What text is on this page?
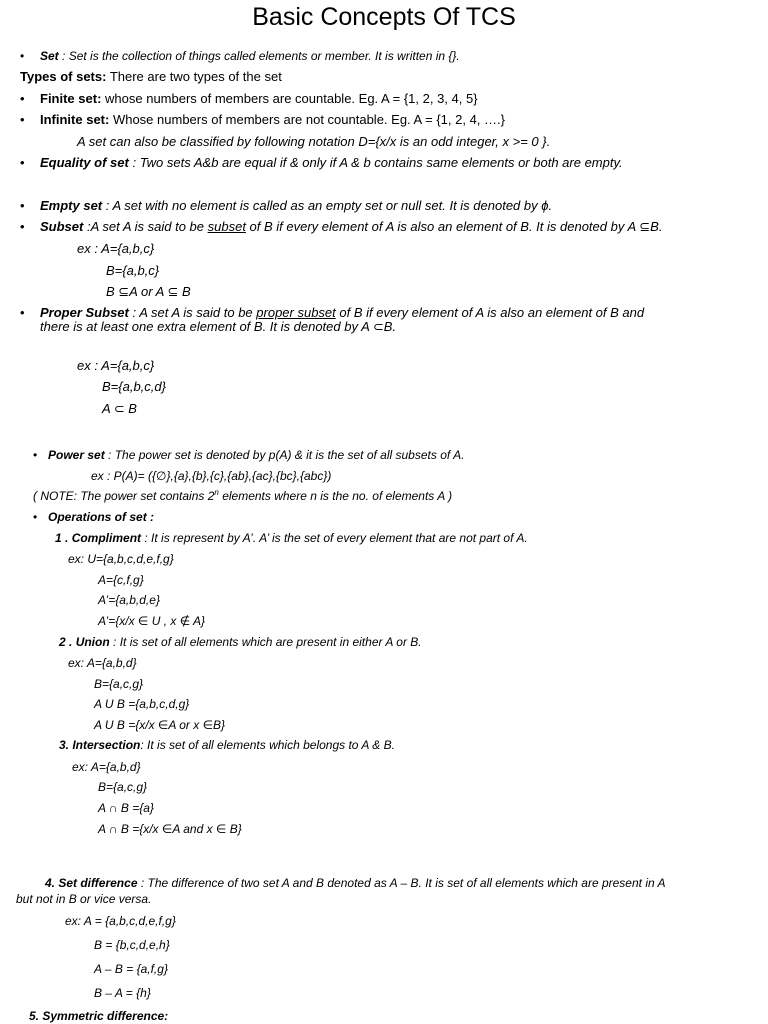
Basic Concepts Of TCS
• Set : Set is the collection of things called elements or member. It is written in {}.
Types of sets: There are two types of the set
• Finite set: whose numbers of members are countable. Eg. A = {1, 2, 3, 4, 5}
• Infinite set: Whose numbers of members are not countable. Eg. A = {1, 2, 4, ….}
A set can also be classified by following notation D={x/x is an odd integer, x >= 0 }.
• Equality of set : Two sets A&b are equal if & only if A & b contains same elements or both are empty.
• Empty set : A set with no element is called as an empty set or null set. It is denoted by ϕ.
• Subset :A set A is said to be subset of B if every element of A is also an element of B. It is denoted by A ⊆B.
ex : A={a,b,c}
B={a,b,c}
B ⊆A or A ⊆ B
• Proper Subset : A set A is said to be proper subset of B if every element of A is also an element of B and
there is at least one extra element of B. It is denoted by A ⊂B.
ex : A={a,b,c}
B={a,b,c,d}
A ⊂ B
• Power set : The power set is denoted by p(A) & it is the set of all subsets of A.
ex : P(A)= ({∅},{a},{b},{c},{ab},{ac},{bc},{abc})
( NOTE: The power set contains 2$^n$ elements where n is the no. of elements A )
• Operations of set :
1 . Compliment : It is represent by A’. A’ is the set of every element that are not part of A.
ex: U={a,b,c,d,e,f,g}
A={c,f,g}
A’={a,b,d,e}
A’={x/x ∈ U , x ∉ A}
2 . Union : It is set of all elements which are present in either A or B.
ex: A={a,b,d}
B={a,c,g}
A U B ={a,b,c,d,g}
A U B ={x/x ∈A or x ∈B}
3. Intersection: It is set of all elements which belongs to A & B.
ex: A={a,b,d}
B={a,c,g}
A ∩ B ={a}
A ∩ B ={x/x ∈A and x ∈ B}
4. Set difference : The difference of two set A and B denoted as A – B. It is set of all elements which are present in A
but not in B or vice versa.
ex: A = {a,b,c,d,e,f,g}
B = {b,c,d,e,h}
A – B = {a,f,g}
B – A = {h}
5. Symmetric difference:
